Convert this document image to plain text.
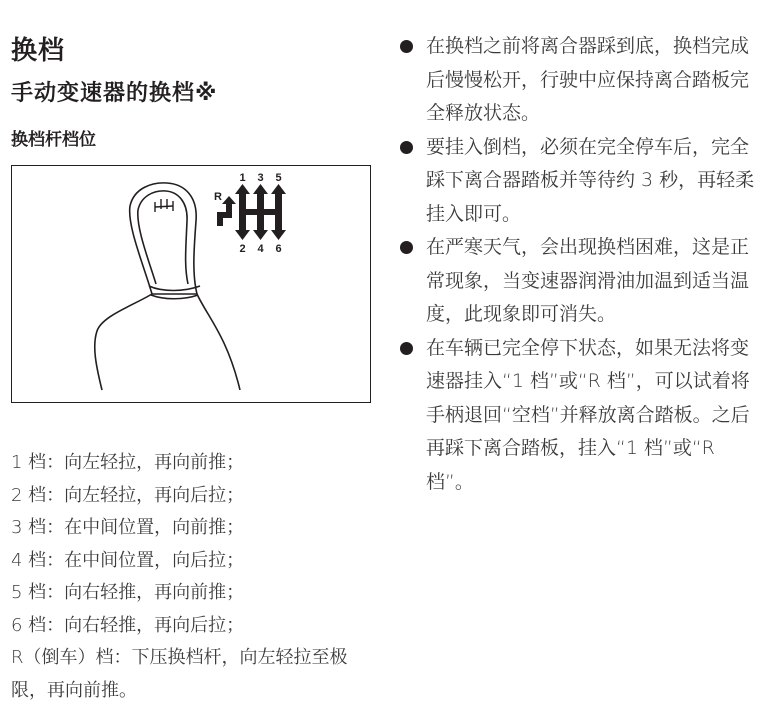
换档
手动变速器的换档※
换档杆档位
R
1 3 5
2 4 6
1 档：向左轻拉，再向前推；
2 档：向左轻拉，再向后拉；
3 档：在中间位置，向前推；
4 档：在中间位置，向后拉；
5 档：向右轻推，再向前推；
6 档：向右轻推，再向后拉；
R（倒车）档：下压换档杆，向左轻拉至极限，再向前推。
在换档之前将离合器踩到底，换档完成后慢慢松开，行驶中应保持离合踏板完全释放状态。
要挂入倒档，必须在完全停车后，完全踩下离合器踏板并等待约 3 秒，再轻柔挂入即可。
在严寒天气，会出现换档困难，这是正常现象，当变速器润滑油加温到适当温度，此现象即可消失。
在车辆已完全停下状态，如果无法将变速器挂入“1 档”或“R 档”，可以试着将手柄退回“空档”并释放离合踏板。之后再踩下离合踏板，挂入“1 档”或“R 档”。
